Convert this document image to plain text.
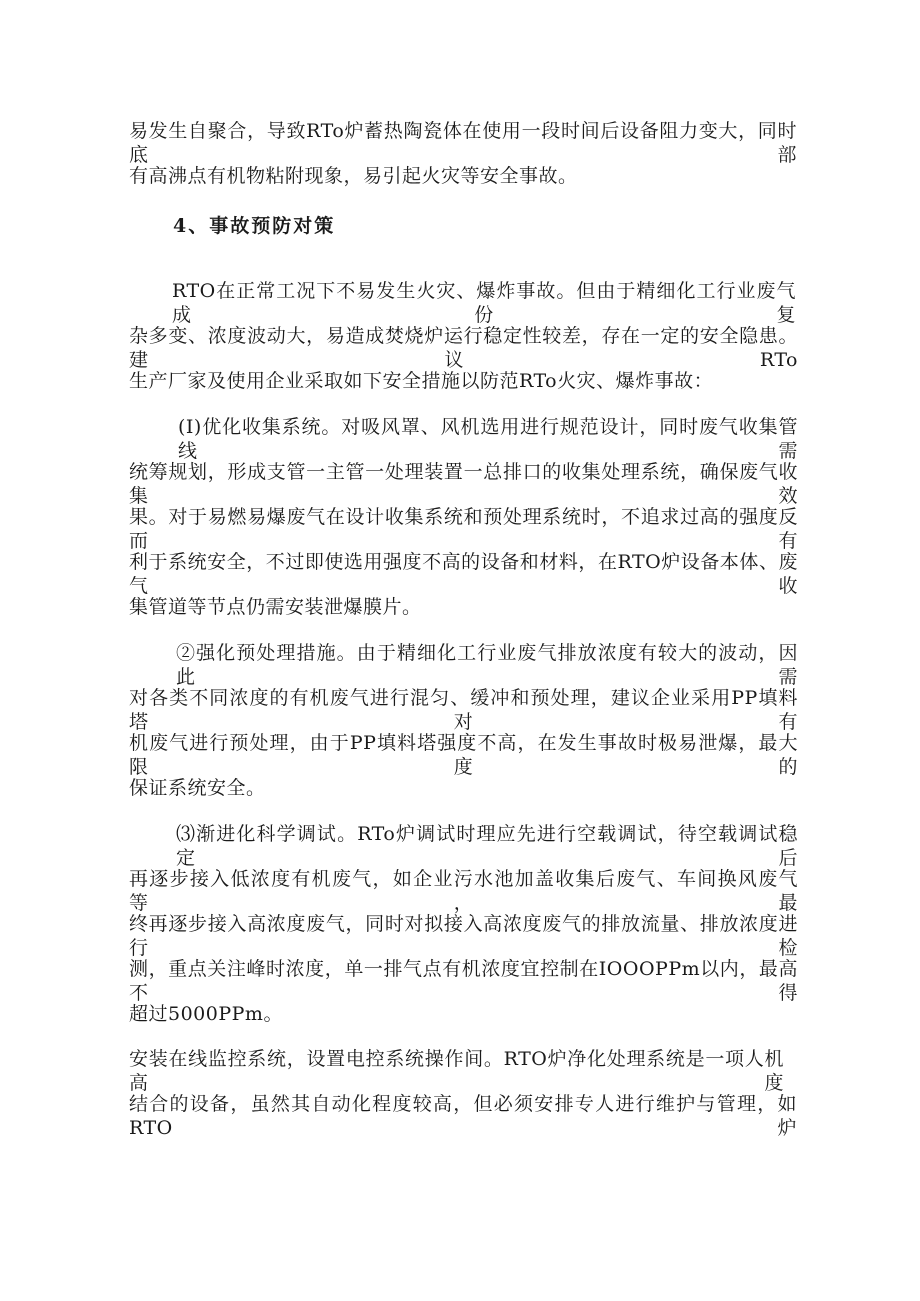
易发生自聚合，导致RTo炉蓄热陶瓷体在使用一段时间后设备阻力变大，同时底部
有高沸点有机物粘附现象，易引起火灾等安全事故。
4、事故预防对策
RTO在正常工况下不易发生火灾、爆炸事故。但由于精细化工行业废气成份复
杂多变、浓度波动大，易造成焚烧炉运行稳定性较差，存在一定的安全隐患。建议RTo
生产厂家及使用企业采取如下安全措施以防范RTo火灾、爆炸事故：
(I)优化收集系统。对吸风罩、风机选用进行规范设计，同时废气收集管线需
统筹规划，形成支管一主管一处理装置一总排口的收集处理系统，确保废气收集效
果。对于易燃易爆废气在设计收集系统和预处理系统时，不追求过高的强度反而有
利于系统安全，不过即使选用强度不高的设备和材料，在RTO炉设备本体、废气收
集管道等节点仍需安装泄爆膜片。
②强化预处理措施。由于精细化工行业废气排放浓度有较大的波动，因此需
对各类不同浓度的有机废气进行混匀、缓冲和预处理，建议企业采用PP填料塔对有
机废气进行预处理，由于PP填料塔强度不高，在发生事故时极易泄爆，最大限度的
保证系统安全。
⑶渐进化科学调试。RTo炉调试时理应先进行空载调试，待空载调试稳定后
再逐步接入低浓度有机废气，如企业污水池加盖收集后废气、车间换风废气等，最
终再逐步接入高浓度废气，同时对拟接入高浓度废气的排放流量、排放浓度进行检
测，重点关注峰时浓度，单一排气点有机浓度宜控制在IOOOPPm以内，最高不得
超过5000PPm。
安装在线监控系统，设置电控系统操作间。RTO炉净化处理系统是一项人机高度
结合的设备，虽然其自动化程度较高，但必须安排专人进行维护与管理，如RTO炉
